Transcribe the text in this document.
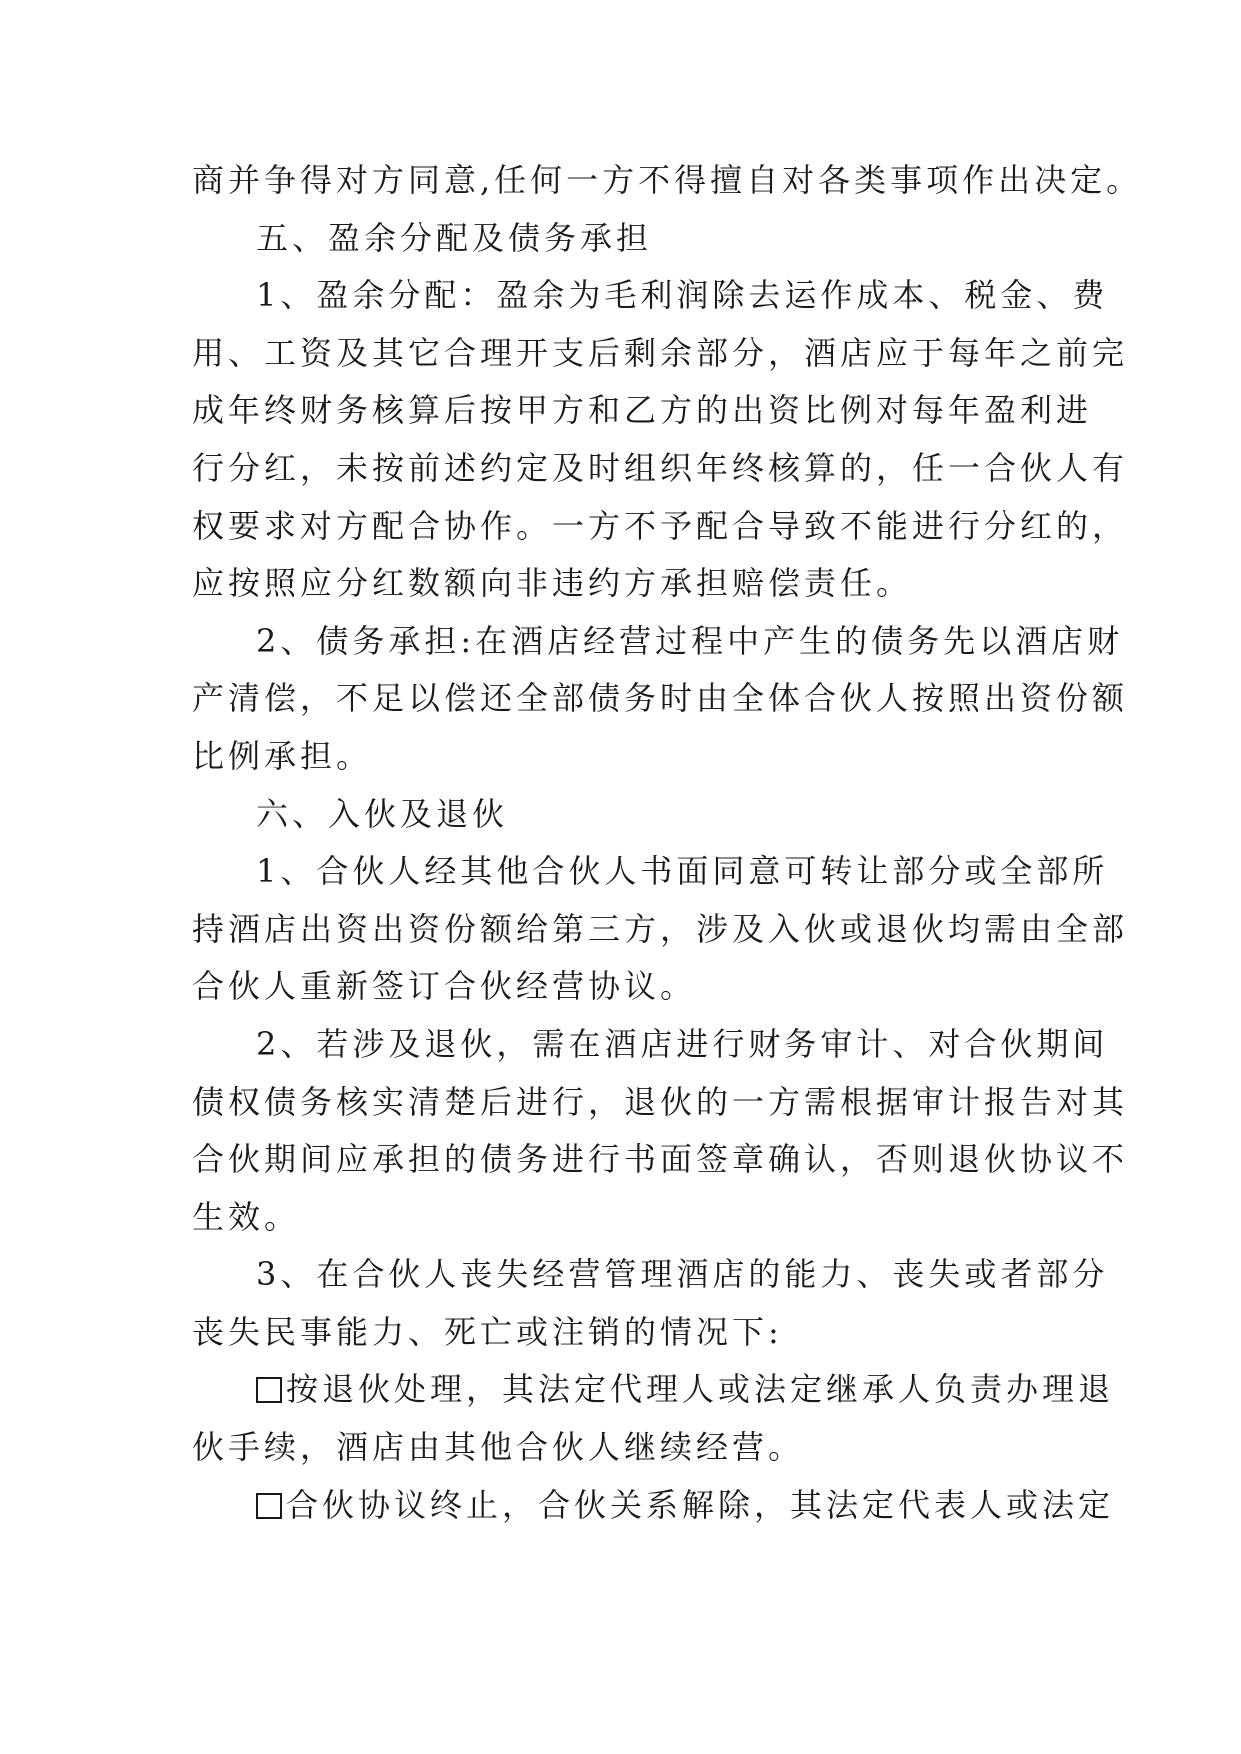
商并争得对方同意,任何一方不得擅自对各类事项作出决定。
五、盈余分配及债务承担
1、盈余分配：盈余为毛利润除去运作成本、税金、费
用、工资及其它合理开支后剩余部分，酒店应于每年之前完
成年终财务核算后按甲方和乙方的出资比例对每年盈利进
行分红，未按前述约定及时组织年终核算的，任一合伙人有
权要求对方配合协作。一方不予配合导致不能进行分红的，
应按照应分红数额向非违约方承担赔偿责任。
2、债务承担:在酒店经营过程中产生的债务先以酒店财
产清偿，不足以偿还全部债务时由全体合伙人按照出资份额
比例承担。
六、入伙及退伙
1、合伙人经其他合伙人书面同意可转让部分或全部所
持酒店出资出资份额给第三方，涉及入伙或退伙均需由全部
合伙人重新签订合伙经营协议。
2、若涉及退伙，需在酒店进行财务审计、对合伙期间
债权债务核实清楚后进行，退伙的一方需根据审计报告对其
合伙期间应承担的债务进行书面签章确认，否则退伙协议不
生效。
3、在合伙人丧失经营管理酒店的能力、丧失或者部分
丧失民事能力、死亡或注销的情况下:
按退伙处理，其法定代理人或法定继承人负责办理退
伙手续，酒店由其他合伙人继续经营。
合伙协议终止，合伙关系解除，其法定代表人或法定
